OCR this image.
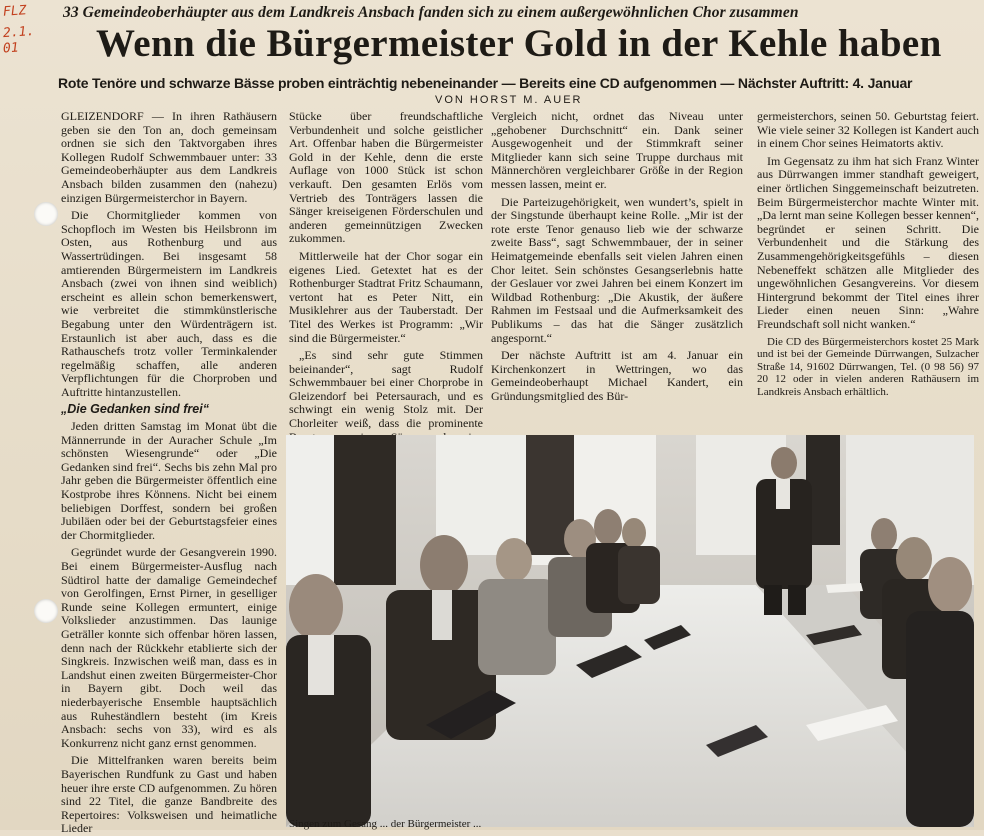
FLZ
2.1.
01
33 Gemeindeoberhäupter aus dem Landkreis Ansbach fanden sich zu einem außergewöhnlichen Chor zusammen
Wenn die Bürgermeister Gold in der Kehle haben
Rote Tenöre und schwarze Bässe proben einträchtig nebeneinander — Bereits eine CD aufgenommen — Nächster Auftritt: 4. Januar
VON HORST M. AUER

GLEIZENDORF — In ihren Rathäusern geben sie den Ton an, doch gemeinsam ordnen sie sich den Taktvorgaben ihres Kollegen Rudolf Schwemmbauer unter: 33 Gemeindeoberhäupter aus dem Landkreis Ansbach bilden zusammen den (nahezu) einzigen Bürgermeisterchor in Bayern.

Die Chormitglieder kommen von Schopfloch im Westen bis Heilsbronn im Osten, aus Rothenburg und aus Wassertrüdingen. Bei insgesamt 58 amtierenden Bürgermeistern im Landkreis Ansbach (zwei von ihnen sind weiblich) erscheint es allein schon bemerkenswert, wie verbreitet die stimmkünstlerische Begabung unter den Würdenträgern ist. Erstaunlich ist aber auch, dass es die Rathauschefs trotz voller Terminkalender regelmäßig schaffen, alle anderen Verpflichtungen für die Chorproben und Auftritte hintanzustellen.

„Die Gedanken sind frei“

Jeden dritten Samstag im Monat übt die Männerrunde in der Auracher Schule „Im schönsten Wiesengrunde“ oder „Die Gedanken sind frei“. Sechs bis zehn Mal pro Jahr geben die Bürgermeister öffentlich eine Kostprobe ihres Könnens. Nicht bei einem beliebigen Dorffest, sondern bei großen Jubiläen oder bei der Geburtstagsfeier eines der Chormitglieder.

Gegründet wurde der Gesangverein 1990. Bei einem Bürgermeister-Ausflug nach Südtirol hatte der damalige Gemeindechef von Gerolfingen, Ernst Pirner, in geselliger Runde seine Kollegen ermuntert, einige Volkslieder anzustimmen. Das launige Geträller konnte sich offenbar hören lassen, denn nach der Rückkehr etablierte sich der Singkreis. Inzwischen weiß man, dass es in Landshut einen zweiten Bürgermeister-Chor in Bayern gibt. Doch weil das niederbayerische Ensemble hauptsächlich aus Ruheständlern besteht (im Kreis Ansbach: sechs von 33), wird es als Konkurrenz nicht ganz ernst genommen.

Die Mittelfranken waren bereits beim Bayerischen Rundfunk zu Gast und haben heuer ihre erste CD aufgenommen. Zu hören sind 22 Titel, die ganze Bandbreite des Repertoires: Volksweisen und heimatliche Lieder

Stücke über freundschaftliche Verbundenheit und solche geistlicher Art. Offenbar haben die Bürgermeister Gold in der Kehle, denn die erste Auflage von 1000 Stück ist schon verkauft. Den gesamten Erlös vom Vertrieb des Tonträgers lassen die Sänger kreiseigenen Förderschulen und anderen gemeinnützigen Zwecken zukommen.

Mittlerweile hat der Chor sogar ein eigenes Lied. Getextet hat es der Rothenburger Stadtrat Fritz Schaumann, vertont hat es Peter Nitt, ein Musiklehrer aus der Tauberstadt. Der Titel des Werkes ist Programm: „Wir sind die Bürgermeister.“

„Es sind sehr gute Stimmen beieinander“, sagt Rudolf Schwemmbauer bei einer Chorprobe in Gleizendorf bei Petersaurach, und es schwingt ein wenig Stolz mit. Der Chorleiter weiß, dass die prominente

Vergleich nicht, ordnet das Niveau unter „gehobener Durchschnitt“ ein. Dank seiner Ausgewogenheit und der Stimmkraft seiner Mitglieder kann sich seine Truppe durchaus mit Männerchören vergleichbarer Größe in der Region messen lassen, meint er.

Die Parteizugehörigkeit, wen wundert’s, spielt in der Singstunde überhaupt keine Rolle. „Mir ist der rote erste Tenor genauso lieb wie der schwarze zweite Bass“, sagt Schwemmbauer, der in seiner Heimatgemeinde ebenfalls seit vielen Jahren einen Chor leitet. Sein schönstes Gesangserlebnis hatte der Geslauer vor zwei Jahren bei einem Konzert im Wildbad Rothenburg: „Die Akustik, der äußere Rahmen im Festsaal und die Aufmerksamkeit des Publikums – das hat die Sänger zusätzlich angespornt.“

Der nächste Auftritt ist am 4. Januar ein Kirchenkonzert in Wettringen, wo das Gemeindeoberhaupt Michael Kandert, ein Gründungsmitglied des Bür-

germeisterchors, seinen 50. Geburtstag feiert. Wie viele seiner 32 Kollegen ist Kandert auch in einem Chor seines Heimatorts aktiv.

Im Gegensatz zu ihm hat sich Franz Winter aus Dürrwangen immer standhaft geweigert, einer örtlichen Singgemeinschaft beizutreten. Beim Bürgermeisterchor machte Winter mit. „Da lernt man seine Kollegen besser kennen“, begründet er seinen Schritt. Die Verbundenheit und die Stärkung des Zusammengehörigkeitsgefühls – diesen Nebeneffekt schätzen alle Mitglieder des ungewöhnlichen Gesangvereins. Vor diesem Hintergrund bekommt der Titel eines ihrer Lieder einen neuen Sinn: „Wahre Freundschaft soll nicht wanken.“

Die CD des Bürgermeisterchors kostet 25 Mark und ist bei der Gemeinde Dürrwangen, Sulzacher Straße 14, 91602 Dürrwangen, Tel. (0 98 56) 97 20 12 oder in vielen anderen Rathäusern im Landkreis Ansbach erhältlich.

Singen zum Gesang ... der Bürgermeister ...
